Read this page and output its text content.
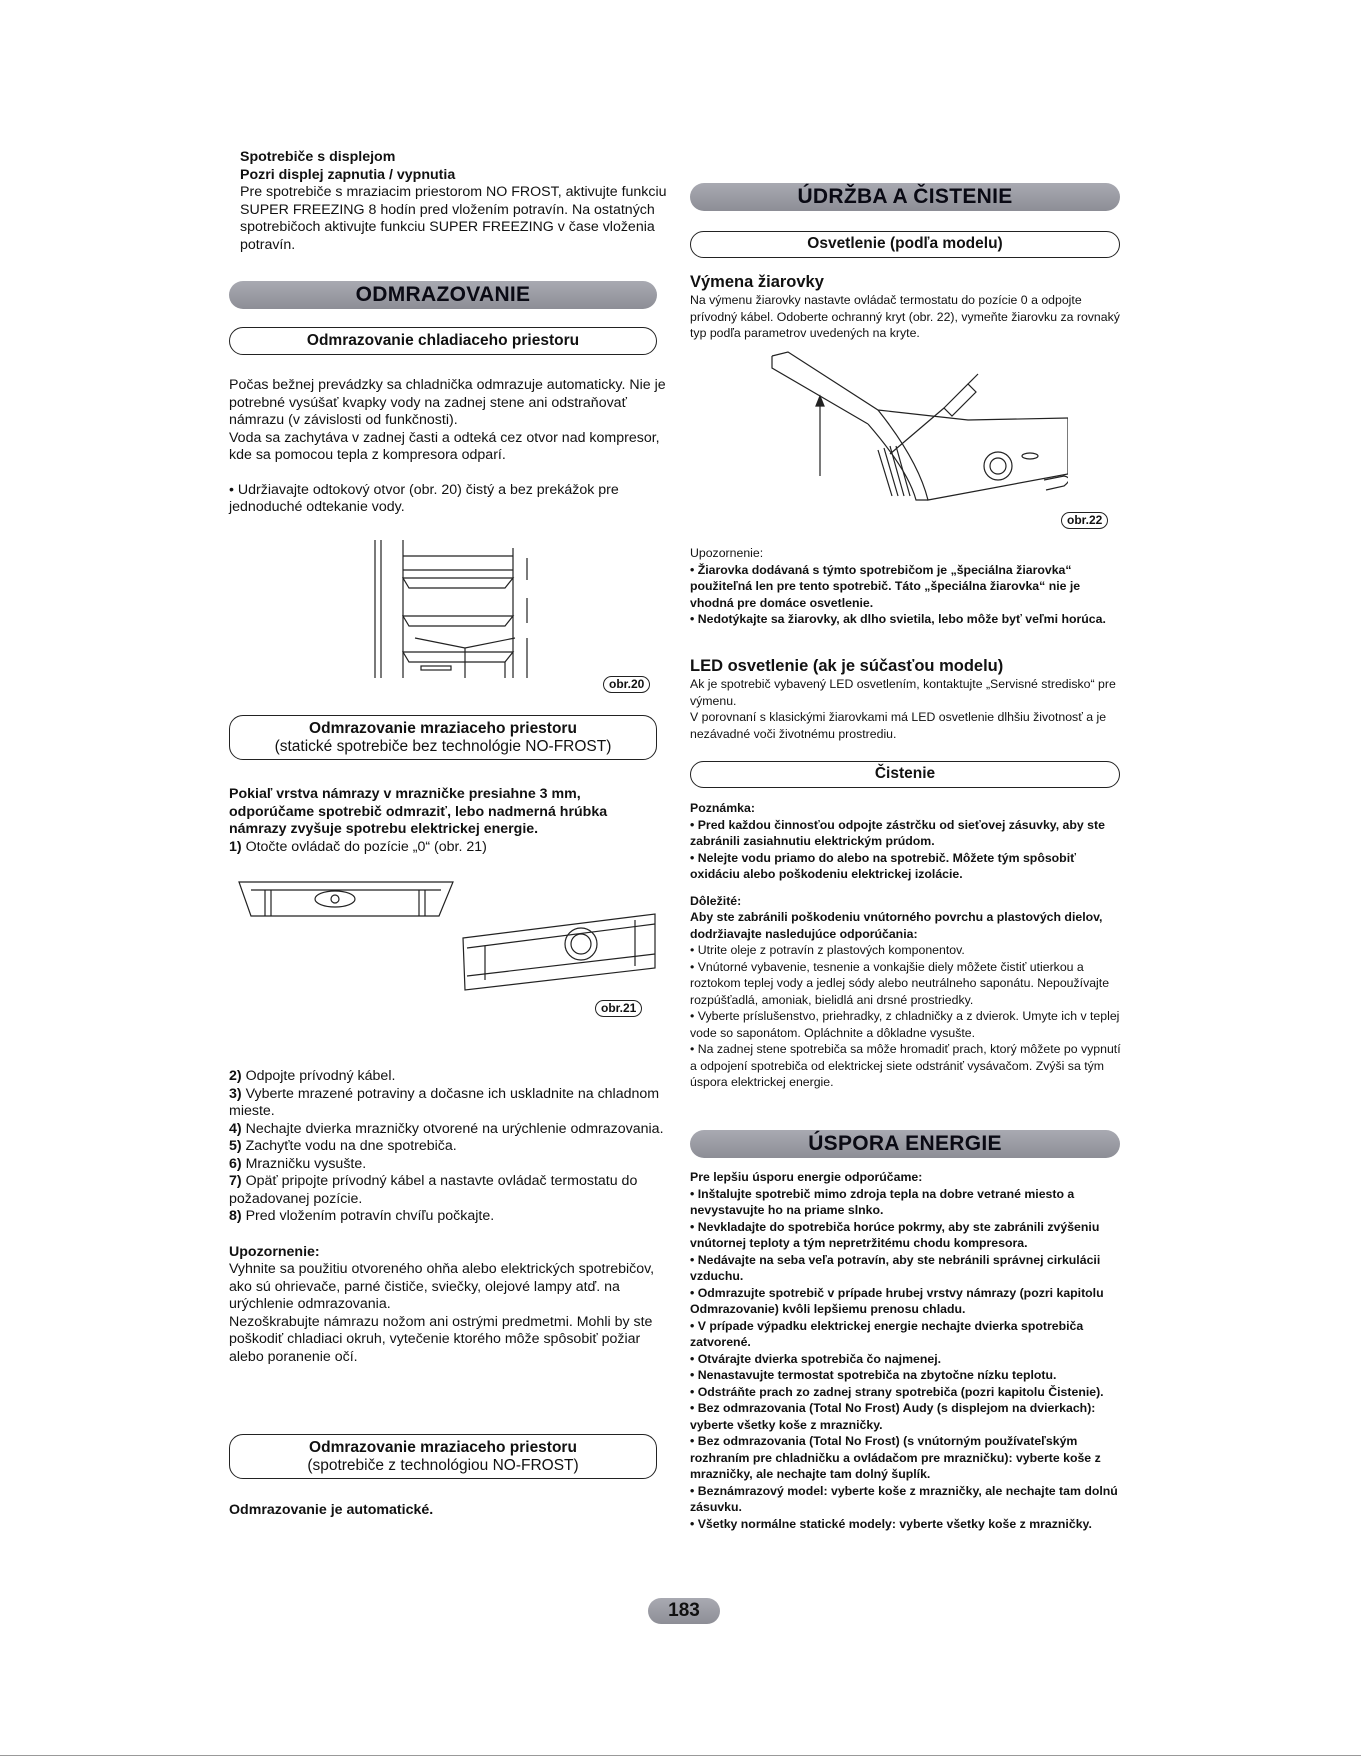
Spotrebiče s displejom

Pozri displej zapnutia / vypnutia

Pre spotrebiče s mraziacim priestorom NO FROST, aktivujte funkciu SUPER FREEZING 8 hodín pred vložením potravín. Na ostatných spotrebičoch aktivujte funkciu SUPER FREEZING v čase vloženia potravín.

ODMRAZOVANIE
Odmrazovanie chladiaceho priestoru

Počas bežnej prevádzky sa chladnička odmrazuje automaticky. Nie je potrebné vysúšať kvapky vody na zadnej stene ani odstraňovať námrazu (v závislosti od funkčnosti).

Voda sa zachytáva v zadnej časti a odteká cez otvor nad kompresor, kde sa pomocou tepla z kompresora odparí.

• Udržiavajte odtokový otvor (obr. 20) čistý a bez prekážok pre jednoduché odtekanie vody.

obr.20
Odmrazovanie mraziaceho priestoru
(statické spotrebiče bez technológie NO-FROST)

Pokiaľ vrstva námrazy v mrazničke presiahne 3 mm, odporúčame spotrebič odmraziť, lebo nadmerná hrúbka námrazy zvyšuje spotrebu elektrickej energie.

1) Otočte ovládač do pozície „0“ (obr. 21)

obr.21

2) Odpojte prívodný kábel.

3) Vyberte mrazené potraviny a dočasne ich uskladnite na chladnom mieste.

4) Nechajte dvierka mrazničky otvorené na urýchlenie odmrazovania.

5) Zachyťte vodu na dne spotrebiča.

6) Mrazničku vysušte.

7) Opäť pripojte prívodný kábel a nastavte ovládač termostatu do požadovanej pozície.

8) Pred vložením potravín chvíľu počkajte.

Upozornenie:

Vyhnite sa použitiu otvoreného ohňa alebo elektrických spotrebičov, ako sú ohrievače, parné čističe, sviečky, olejové lampy atď. na urýchlenie odmrazovania.

Nezoškrabujte námrazu nožom ani ostrými predmetmi. Mohli by ste poškodiť chladiaci okruh, vytečenie ktorého môže spôsobiť požiar alebo poranenie očí.

Odmrazovanie mraziaceho priestoru
(spotrebiče z technológiou NO-FROST)
Odmrazovanie je automatické.
ÚDRŽBA A ČISTENIE
Osvetlenie (podľa modelu)

Výmena žiarovky

Na výmenu žiarovky nastavte ovládač termostatu do pozície 0 a odpojte prívodný kábel. Odoberte ochranný kryt (obr. 22), vymeňte žiarovku za rovnaký typ podľa parametrov uvedených na kryte.

obr.22

Upozornenie:

• Žiarovka dodávaná s týmto spotrebičom je „špeciálna žiarovka“ použiteľná len pre tento spotrebič. Táto „špeciálna žiarovka“ nie je vhodná pre domáce osvetlenie.

• Nedotýkajte sa žiarovky, ak dlho svietila, lebo môže byť veľmi horúca.

LED osvetlenie (ak je súčasťou modelu)

Ak je spotrebič vybavený LED osvetlením, kontaktujte „Servisné stredisko“ pre výmenu.

V porovnaní s klasickými žiarovkami má LED osvetlenie dlhšiu životnosť a je nezávadné voči životnému prostrediu.

Čistenie

Poznámka:

• Pred každou činnosťou odpojte zástrčku od sieťovej zásuvky, aby ste zabránili zasiahnutiu elektrickým prúdom.

• Nelejte vodu priamo do alebo na spotrebič. Môžete tým spôsobiť oxidáciu alebo poškodeniu elektrickej izolácie.

Dôležité:

Aby ste zabránili poškodeniu vnútorného povrchu a plastových dielov, dodržiavajte nasledujúce odporúčania:

• Utrite oleje z potravín z plastových komponentov.

• Vnútorné vybavenie, tesnenie a vonkajšie diely môžete čistiť utierkou a roztokom teplej vody a jedlej sódy alebo neutrálneho saponátu. Nepoužívajte rozpúšťadlá, amoniak, bielidlá ani drsné prostriedky.

• Vyberte príslušenstvo, priehradky, z chladničky a z dvierok. Umyte ich v teplej vode so saponátom. Opláchnite a dôkladne vysušte.

• Na zadnej stene spotrebiča sa môže hromadiť prach, ktorý môžete po vypnutí a odpojení spotrebiča od elektrickej siete odstrániť vysávačom. Zvýši sa tým úspora elektrickej energie.

ÚSPORA ENERGIE

Pre lepšiu úsporu energie odporúčame:

• Inštalujte spotrebič mimo zdroja tepla na dobre vetrané miesto a nevystavujte ho na priame slnko.

• Nevkladajte do spotrebiča horúce pokrmy, aby ste zabránili zvýšeniu vnútornej teploty a tým nepretržitému chodu kompresora.

• Nedávajte na seba veľa potravín, aby ste nebránili správnej cirkulácii vzduchu.

• Odmrazujte spotrebič v prípade hrubej vrstvy námrazy (pozri kapitolu Odmrazovanie) kvôli lepšiemu prenosu chladu.

• V prípade výpadku elektrickej energie nechajte dvierka spotrebiča zatvorené.

• Otvárajte dvierka spotrebiča čo najmenej.

• Nenastavujte termostat spotrebiča na zbytočne nízku teplotu.

• Odstráňte prach zo zadnej strany spotrebiča (pozri kapitolu Čistenie).

• Bez odmrazovania (Total No Frost) Audy (s displejom na dvierkach): vyberte všetky koše z mrazničky.

• Bez odmrazovania (Total No Frost) (s vnútorným používateľským rozhraním pre chladničku a ovládačom pre mrazničku): vyberte koše z mrazničky, ale nechajte tam dolný šuplík.

• Beznámrazový model: vyberte koše z mrazničky, ale nechajte tam dolnú zásuvku.

• Všetky normálne statické modely: vyberte všetky koše z mrazničky.

183
